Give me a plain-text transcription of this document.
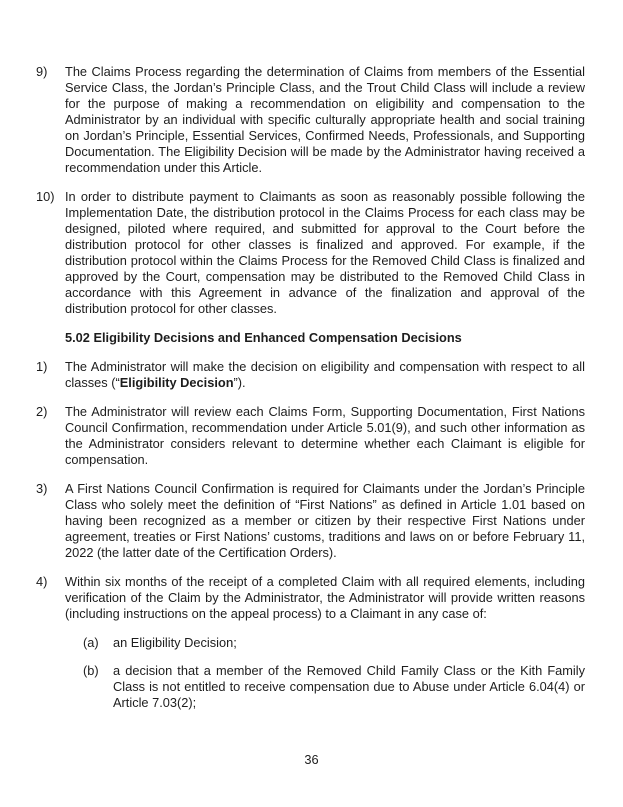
9) The Claims Process regarding the determination of Claims from members of the Essential Service Class, the Jordan’s Principle Class, and the Trout Child Class will include a review for the purpose of making a recommendation on eligibility and compensation to the Administrator by an individual with specific culturally appropriate health and social training on Jordan’s Principle, Essential Services, Confirmed Needs, Professionals, and Supporting Documentation. The Eligibility Decision will be made by the Administrator having received a recommendation under this Article.
10) In order to distribute payment to Claimants as soon as reasonably possible following the Implementation Date, the distribution protocol in the Claims Process for each class may be designed, piloted where required, and submitted for approval to the Court before the distribution protocol for other classes is finalized and approved. For example, if the distribution protocol within the Claims Process for the Removed Child Class is finalized and approved by the Court, compensation may be distributed to the Removed Child Class in accordance with this Agreement in advance of the finalization and approval of the distribution protocol for other classes.
5.02 Eligibility Decisions and Enhanced Compensation Decisions
1) The Administrator will make the decision on eligibility and compensation with respect to all classes (“Eligibility Decision”).
2) The Administrator will review each Claims Form, Supporting Documentation, First Nations Council Confirmation, recommendation under Article 5.01(9), and such other information as the Administrator considers relevant to determine whether each Claimant is eligible for compensation.
3) A First Nations Council Confirmation is required for Claimants under the Jordan’s Principle Class who solely meet the definition of “First Nations” as defined in Article 1.01 based on having been recognized as a member or citizen by their respective First Nations under agreement, treaties or First Nations’ customs, traditions and laws on or before February 11, 2022 (the latter date of the Certification Orders).
4) Within six months of the receipt of a completed Claim with all required elements, including verification of the Claim by the Administrator, the Administrator will provide written reasons (including instructions on the appeal process) to a Claimant in any case of:
(a) an Eligibility Decision;
(b) a decision that a member of the Removed Child Family Class or the Kith Family Class is not entitled to receive compensation due to Abuse under Article 6.04(4) or Article 7.03(2);
36
